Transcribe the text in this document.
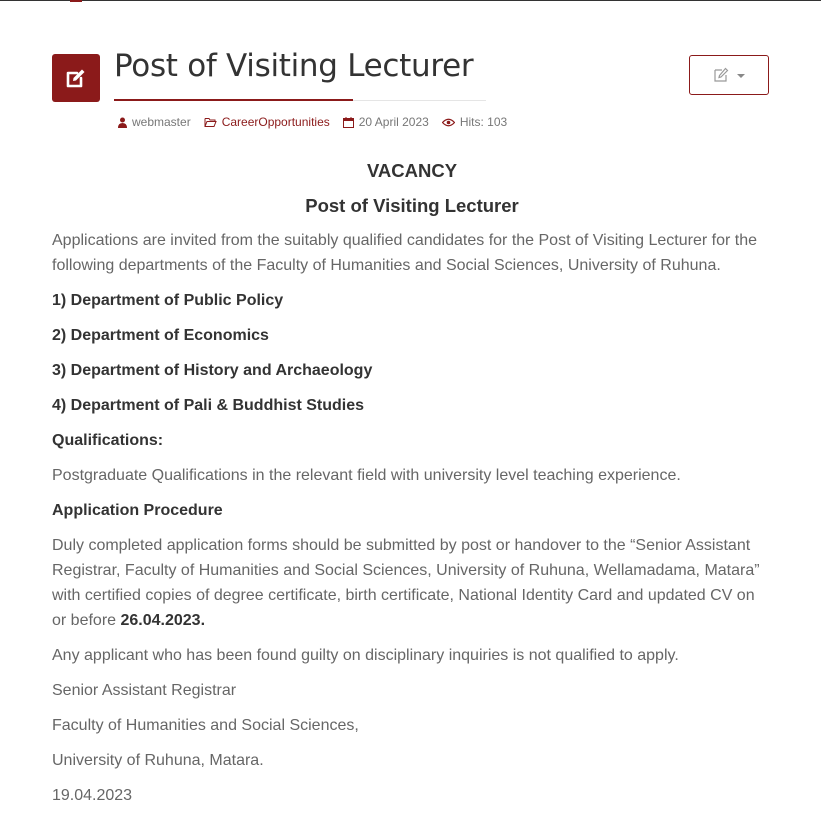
Post of Visiting Lecturer
webmaster	CareerOpportunities 20 April 2023	Hits: 103

VACANCY

Post of Visiting Lecturer

Applications are invited from the suitably qualified candidates for the Post of Visiting Lecturer for the following departments of the Faculty of Humanities and Social Sciences, University of Ruhuna.

1) Department of Public Policy

2) Department of Economics

3) Department of History and Archaeology

4) Department of Pali & Buddhist Studies

Qualifications:

Postgraduate Qualifications in the relevant field with university level teaching experience.

Application Procedure

Duly completed application forms should be submitted by post or handover to the “Senior Assistant Registrar, Faculty of Humanities and Social Sciences, University of Ruhuna, Wellamadama, Matara” with certified copies of degree certificate, birth certificate, National Identity Card and updated CV on or before 26.04.2023.

Any applicant who has been found guilty on disciplinary inquiries is not qualified to apply.

Senior Assistant Registrar

Faculty of Humanities and Social Sciences,

University of Ruhuna, Matara.

19.04.2023
